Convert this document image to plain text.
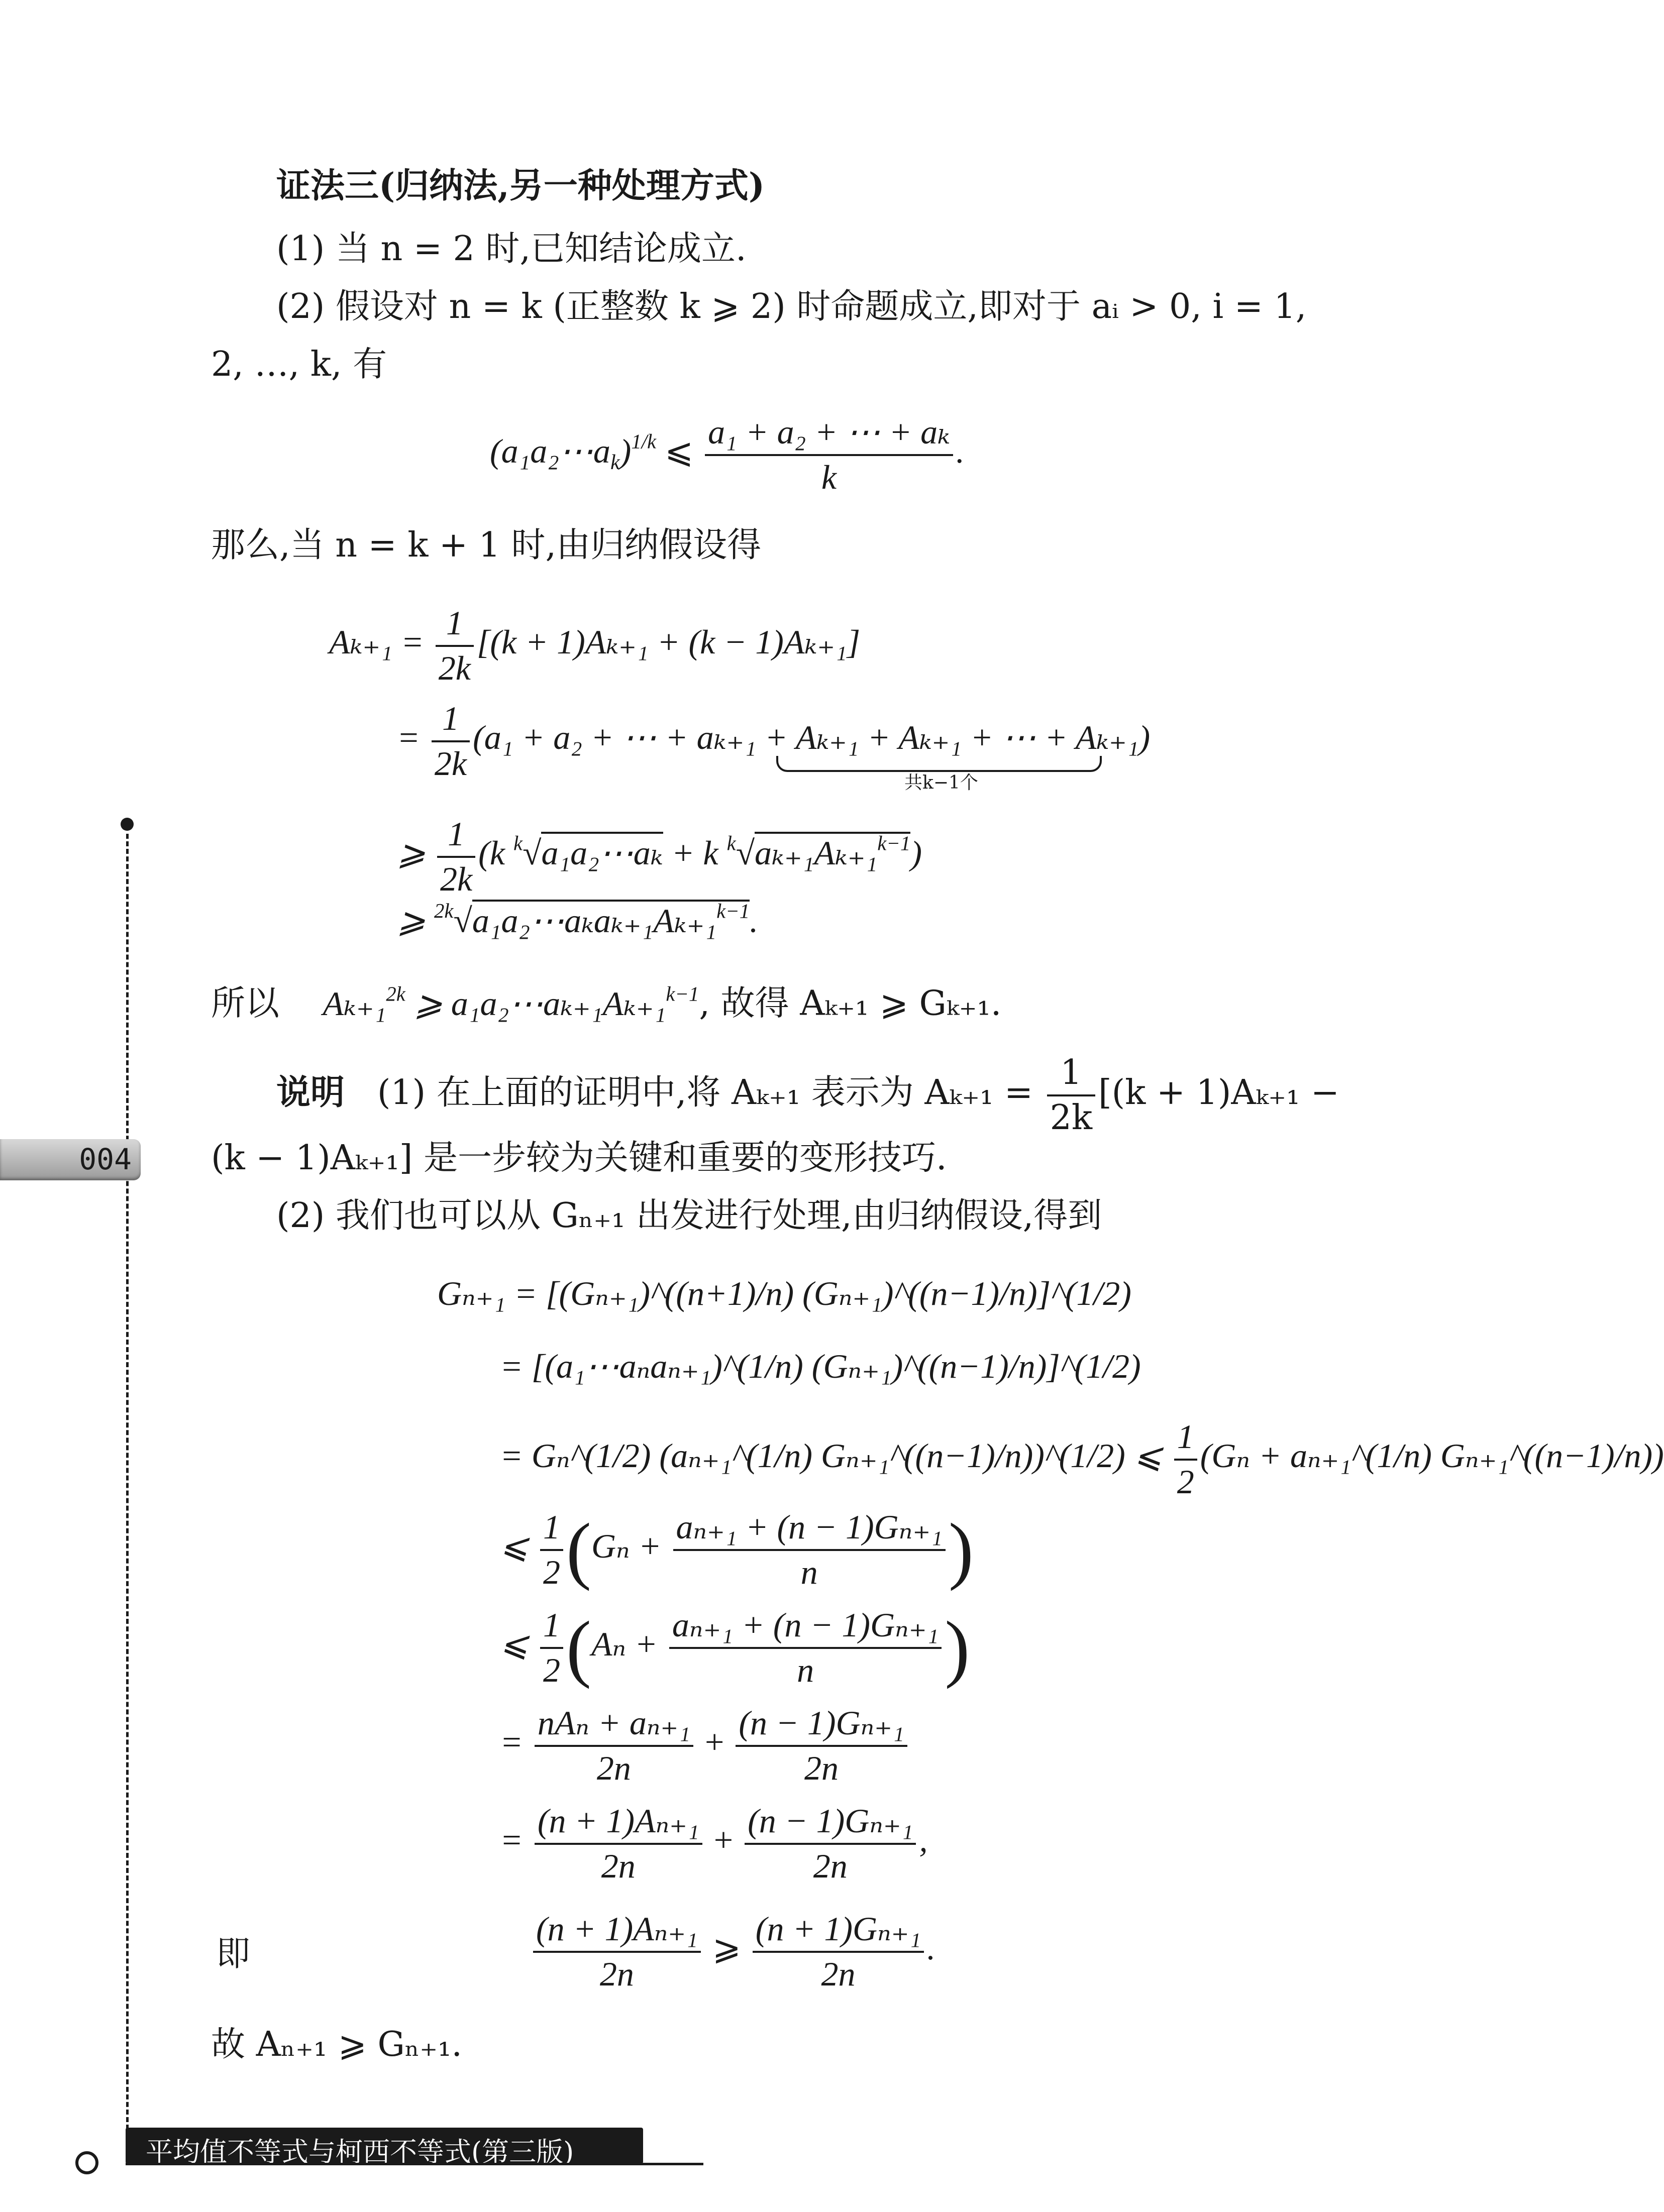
004
证法三(归纳法,另一种处理方式)
(1) 当 n = 2 时,已知结论成立.
(2) 假设对 n = k (正整数 k ⩾ 2) 时命题成立,即对于 aᵢ > 0, i = 1,
2, …, k, 有
$(a_1a_2\cdots a_k)^{1/k}$ ⩽ $\frac{\text{a₁ + a₂ + ⋯ + aₖ}}{k}$ .
那么,当 n = k + 1 时,由归纳假设得
$A_{k+1} = \frac{1}{2k} [(k + 1)A_{k+1} + (k - 1)A_{k+1}]$
= $\frac{1}{2k} (a_1 + a_2$ + ⋯ + aₖ₊₁ + Aₖ₊₁ + Aₖ₊₁ + ⋯ + Aₖ₊₁)
共k−1个
⩾ $\frac{1}{2k} (k$ $^k$√a₁a₂⋯aₖ + k $^k$√aₖ₊₁Aₖ₊₁$^{k-1}$)
⩾ $^{2k}$√a₁a₂⋯aₖaₖ₊₁Aₖ₊₁$^{k-1}$.
所以 Aₖ₊₁$^{2k}$ ⩾ a₁a₂⋯aₖ₊₁Aₖ₊₁$^{k-1}$, 故得 Aₖ₊₁ ⩾ Gₖ₊₁.
说明 (1) 在上面的证明中,将 Aₖ₊₁ 表示为 $A_{k+1} = \frac{1}{2k} [(k + 1)A_{k+1}$ −
(k − 1)Aₖ₊₁] 是一步较为关键和重要的变形技巧.
(2) 我们也可以从 Gₙ₊₁ 出发进行处理,由归纳假设,得到
Gₙ₊₁ = [(Gₙ₊₁)^((n+1)/n) (Gₙ₊₁)^((n−1)/n)]^(1/2)
= [(a₁⋯aₙaₙ₊₁)^(1/n) (Gₙ₊₁)^((n−1)/n)]^(1/2)
= Gₙ^(1/2) (aₙ₊₁^(1/n) Gₙ₊₁^((n−1)/n))^(1/2) ⩽ $\frac{1}{2} (G_n$ + aₙ₊₁^(1/n) Gₙ₊₁^((n−1)/n))
⩽ $\frac{1}{2} (G_n + \frac{\text{aₙ₊₁ + (n − 1)Gₙ₊₁}}{n}$ )
⩽ $\frac{1}{2} (A_n + \frac{\text{aₙ₊₁ + (n − 1)Gₙ₊₁}}{n}$ )
= $\frac{\text{nAₙ + aₙ₊₁}}{2n} + \frac{\text{(n − 1)Gₙ₊₁}}{2n}$
= $\frac{\text{(n + 1)Aₙ₊₁}}{2n} + \frac{\text{(n − 1)Gₙ₊₁}}{2n}$ ,
即	$\frac{\text{(n + 1)Aₙ₊₁}}{2n}$ ⩾ $\frac{\text{(n + 1)Gₙ₊₁}}{2n}$ .
故 Aₙ₊₁ ⩾ Gₙ₊₁.
平均值不等式与柯西不等式(第三版)
